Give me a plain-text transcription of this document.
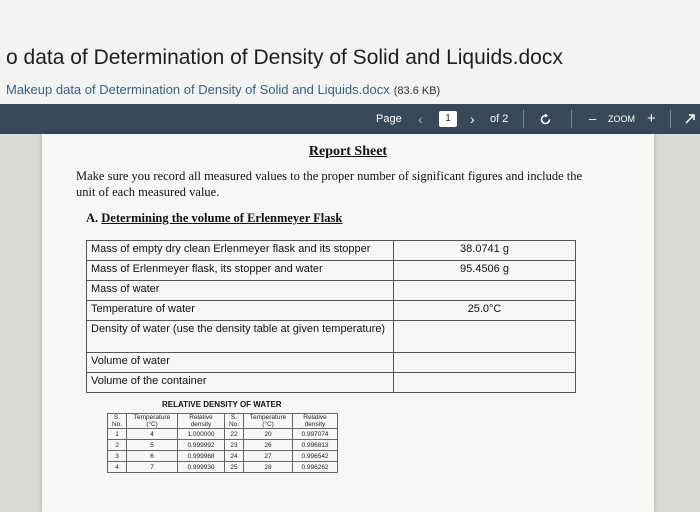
o data of Determination of Density of Solid and Liquids.docx
Makeup data of Determination of Density of Solid and Liquids.docx (83.6 KB)
Page ‹	1	› of 2	– ZOOM +
Report Sheet
Make sure you record all measured values to the proper number of significant figures and include the unit of each measured value.
A. Determining the volume of Erlenmeyer Flask
Mass of empty dry clean Erlenmeyer flask and its stopper	38.0741 g
Mass of Erlenmeyer flask, its stopper and water	95.4506 g
Mass of water	
Temperature of water	25.0°C
Density of water (use the density table at given temperature)	
Volume of water	
Volume of the container	
RELATIVE DENSITY OF WATER
S. No.	Temperature (°C)	Relative density	S. No.	Temperature (°C)	Relative density
1	4	1.000000	22	20	0.997074
2	5	0.999992	23	26	0.996813
3	6	0.999968	24	27	0.996542
4	7	0.999930	25	28	0.996262
